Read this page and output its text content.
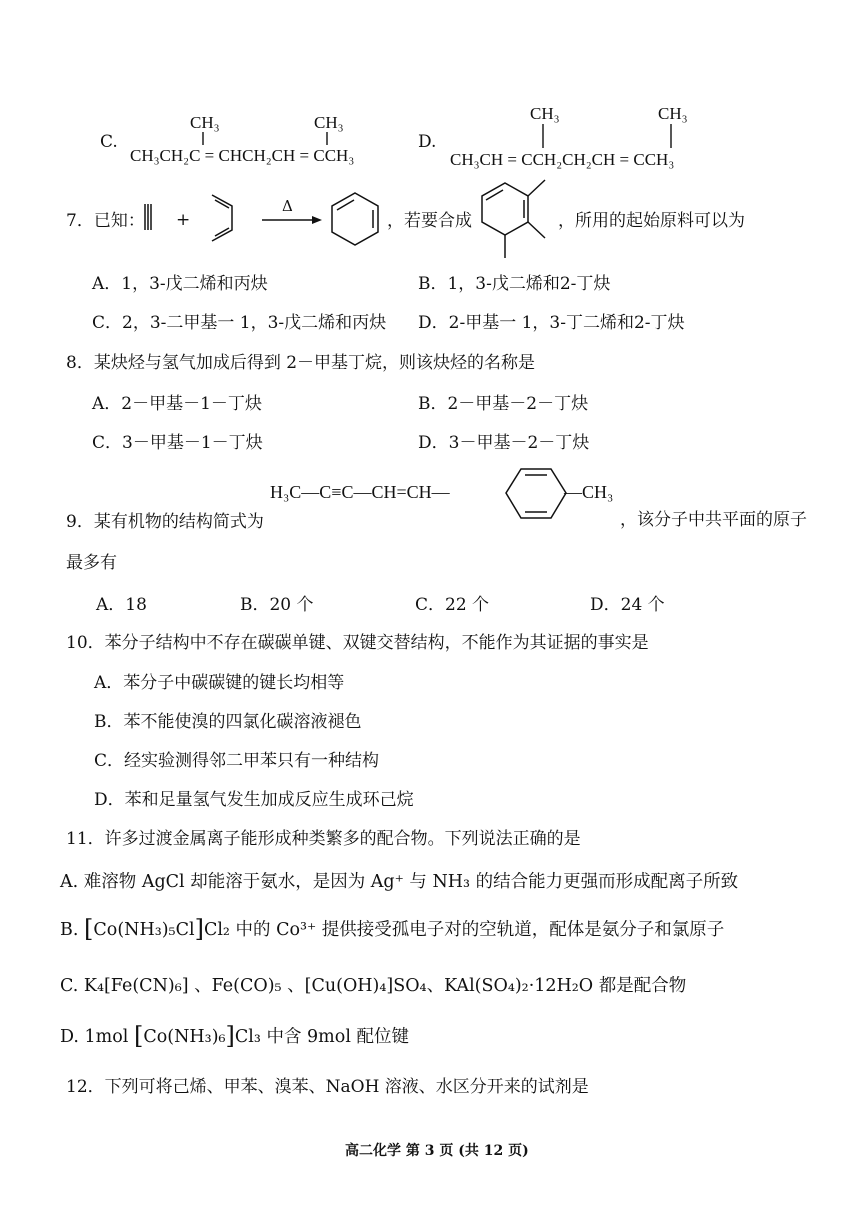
C.
CH₃	CH₃
CH₃CH₂C = CHCH₂CH = CCH₃
D.
CH₃	CH₃
CH₃CH = CCH₂CH₂CH = CCH₃
7．已知： +
Δ
，若要合成	，所用的起始原料可以为
A．1，3-戊二烯和丙炔	B．1，3-戊二烯和2-丁炔
C．2，3-二甲基一 1，3-戊二烯和丙炔 D．2-甲基一 1，3-丁二烯和2-丁炔
8．某炔烃与氢气加成后得到 2－甲基丁烷，则该炔烃的名称是
A．2－甲基－1－丁炔	B．2－甲基－2－丁炔
C．3－甲基－1－丁炔	D．3－甲基－2－丁炔
H₃C—C≡C—CH=CH—	—CH₃
9．某有机物的结构简式为	，该分子中共平面的原子
最多有
A．18	B．20 个	C．22 个	D．24 个
10．苯分子结构中不存在碳碳单键、双键交替结构，不能作为其证据的事实是
A．苯分子中碳碳键的键长均相等
B．苯不能使溴的四氯化碳溶液褪色
C．经实验测得邻二甲苯只有一种结构
D．苯和足量氢气发生加成反应生成环己烷
11．许多过渡金属离子能形成种类繁多的配合物。下列说法正确的是
A. 难溶物 AgCl 却能溶于氨水，是因为 Ag⁺ 与 NH₃ 的结合能力更强而形成配离子所致
B. [Co(NH₃)₅Cl]Cl₂ 中的 Co³⁺ 提供接受孤电子对的空轨道，配体是氨分子和氯原子
C. K₄[Fe(CN)₆] 、Fe(CO)₅ 、[Cu(OH)₄]SO₄、KAl(SO₄)₂·12H₂O 都是配合物
D. 1mol [Co(NH₃)₆]Cl₃ 中含 9mol 配位键
12．下列可将己烯、甲苯、溴苯、NaOH 溶液、水区分开来的试剂是
高二化学 第 3 页 (共 12 页)
